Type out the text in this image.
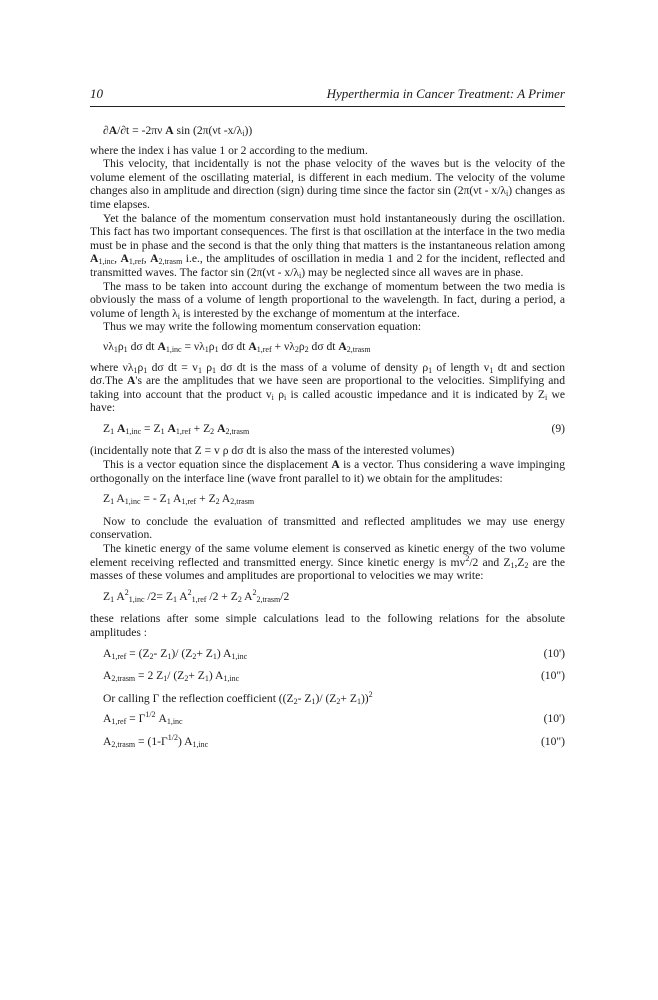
10	Hyperthermia in Cancer Treatment: A Primer
∂A/∂t = -2πν A sin (2π(νt $-x/\lambda_i$))

where the index i has value 1 or 2 according to the medium.

This velocity, that incidentally is not the phase velocity of the waves but is the velocity of the volume element of the oscillating material, is different in each medium. The velocity of the volume changes also in amplitude and direction (sign) during time since the factor $\sin (2\pi(\nu t - x/\lambda_i)$ changes as time elapses.

Yet the balance of the momentum conservation must hold instantaneously during the oscillation. This fact has two important consequences. The first is that oscillation at the interface in the two media must be in phase and the second is that the only thing that matters is the instantaneous relation among $A_{1,inc}$, $A_{1,ref}$, $A_{2,trasm}$ i.e., the amplitudes of oscillation in media 1 and 2 for the incident, reflected and transmitted waves. The factor $\sin (2\pi(\nu t - x/\lambda_i)$ may be neglected since all waves are in phase.

The mass to be taken into account during the exchange of momentum between the two media is obviously the mass of a volume of length proportional to the wavelength. In fact, during a period, a volume of length $\lambda_i$ is interested by the exchange of momentum at the interface.

Thus we may write the following momentum conservation equation:

$\nu\lambda_1\rho_1$ dσ dt $A_{1,inc} = \nu\lambda_1\rho_1$ dσ dt $A_{1,ref} + \nu\lambda_2\rho_2$ dσ dt $A_{2,trasm}$

where $\nu\lambda_1\rho_1$ dσ dt = $v_1$ $\rho_1$ dσ dt is the mass of a volume of density $\rho_1$ of length $v_1$ dt and section dσ.The A's are the amplitudes that we have seen are proportional to the velocities. Simplifying and taking into account that the product $v_i$ $\rho_i$ is called acoustic impedance and it is indicated by $Z_i$ we have:

$Z_1$ $A_{1,inc} = Z_1$ $A_{1,ref} + Z_2$ $A_{2,trasm}$	(9)

(incidentally note that Z = v ρ dσ dt is also the mass of the interested volumes)

This is a vector equation since the displacement A is a vector. Thus considering a wave impinging orthogonally on the interface line (wave front parallel to it) we obtain for the amplitudes:

$Z_1$ $A_{1,inc}$ = - $Z_1$ $A_{1,ref} + Z_2$ $A_{2,trasm}$

Now to conclude the evaluation of transmitted and reflected amplitudes we may use energy conservation.

The kinetic energy of the same volume element is conserved as kinetic energy of the two volume element receiving reflected and transmitted energy. Since kinetic energy is $mv^2/2$ and $Z_1,Z_2$ are the masses of these volumes and amplitudes are proportional to velocities we may write:

$Z_1$ $A^2_{1,inc}$ $/2= Z_1$ $A^2_{1,ref}$ $/2 + Z_2$ $A^2_{2,trasm}/2$

these relations after some simple calculations lead to the following relations for the absolute amplitudes :

$A_{1,ref} = (Z_2-$ $Z_1)/$ $(Z_2+ Z_1)$ $A_{1,inc}$	(10')
$A_{2,trasm} = 2$ $Z_1/$ $(Z_2+ Z_1)$ $A_{1,inc}$	(10")

Or calling Γ the reflection coefficient (($Z_2-$ $Z_1)/$ $(Z_2+ Z_1))^2$

$A_{1,ref} = \Gamma^{1/2}$ $A_{1,inc}$	(10')
$A_{2,trasm} = (1-\Gamma^{1/2})$ $A_{1,inc}$	(10")
